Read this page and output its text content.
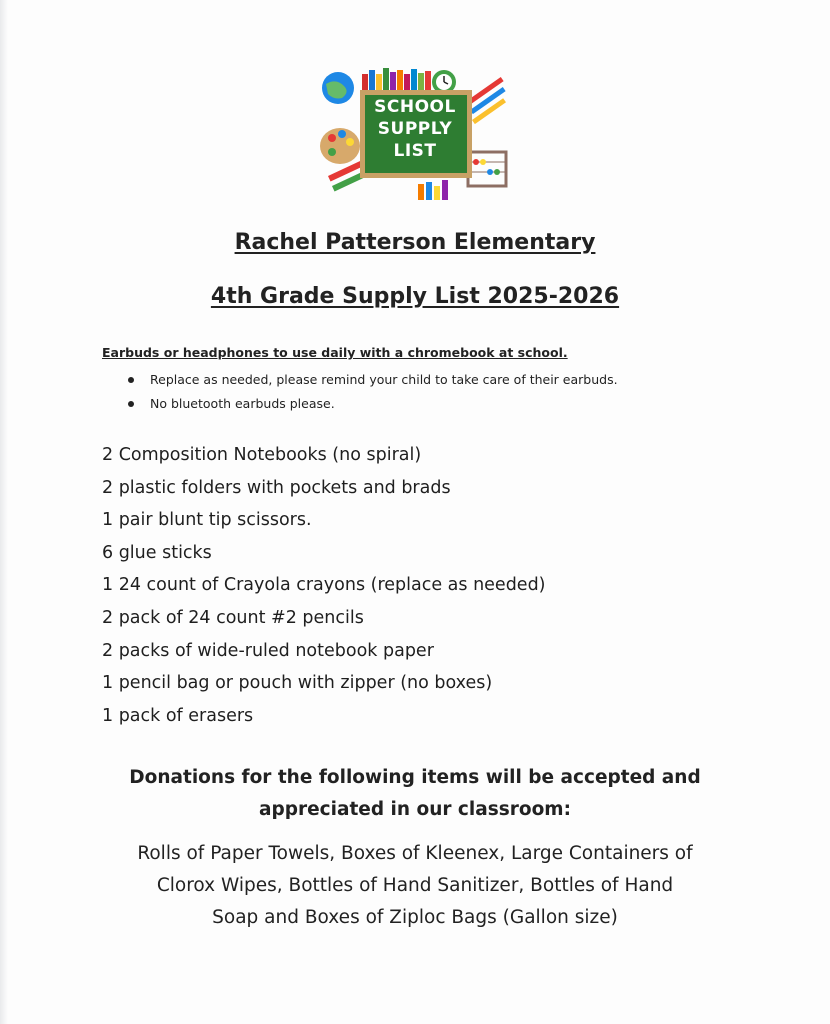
SCHOOL
SUPPLY
LIST
Rachel Patterson Elementary
4th Grade Supply List 2025-2026
Earbuds or headphones to use daily with a chromebook at school.
Replace as needed, please remind your child to take care of their earbuds.
No bluetooth earbuds please.
2 Composition Notebooks (no spiral)
2 plastic folders with pockets and brads
1 pair blunt tip scissors.
6 glue sticks
1 24 count of Crayola crayons (replace as needed)
2 pack of 24 count #2 pencils
2 packs of wide-ruled notebook paper
1 pencil bag or pouch with zipper (no boxes)
1 pack of erasers
Donations for the following items will be accepted and
appreciated in our classroom:
Rolls of Paper Towels, Boxes of Kleenex, Large Containers of
Clorox Wipes, Bottles of Hand Sanitizer, Bottles of Hand
Soap and Boxes of Ziploc Bags (Gallon size)
